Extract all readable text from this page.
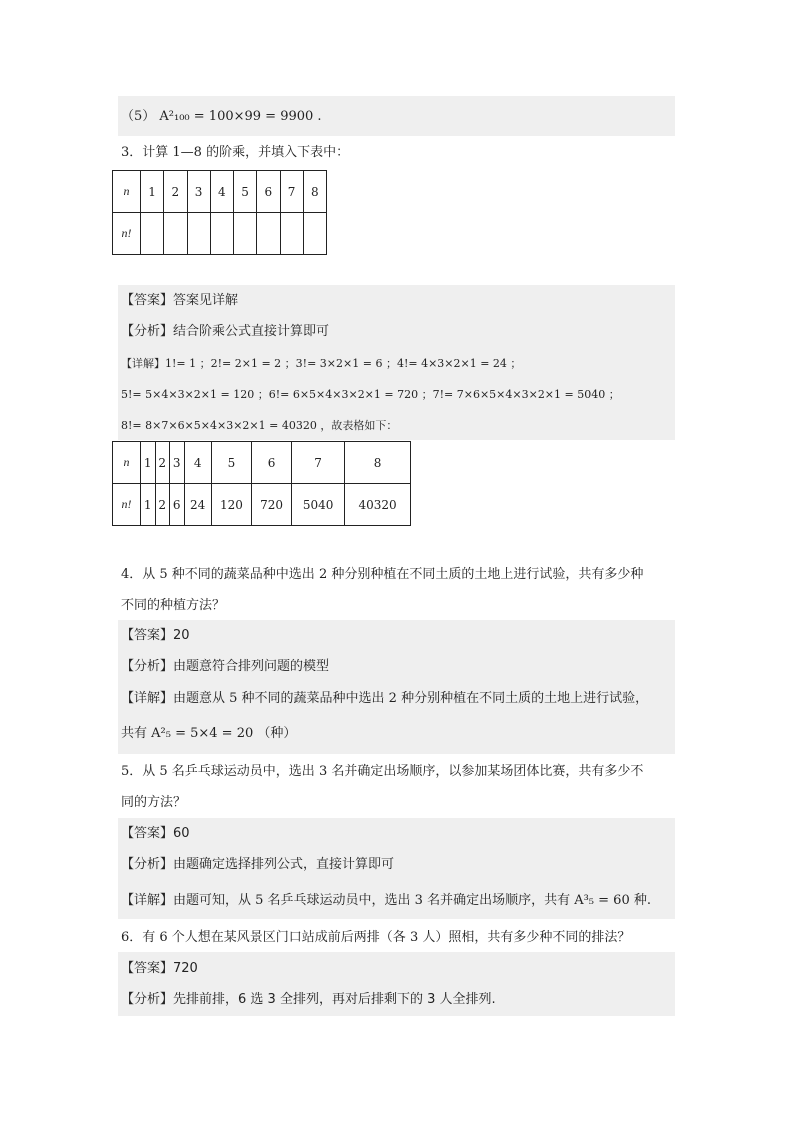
（5） A²₁₀₀ = 100×99 = 9900 .
3．计算 1—8 的阶乘，并填入下表中：
n	1	2	3	4	5	6	7	8
n!								
【答案】答案见详解
【分析】结合阶乘公式直接计算即可
【详解】1!= 1 ；2!= 2×1 = 2 ；3!= 3×2×1 = 6 ；4!= 4×3×2×1 = 24 ；
5!= 5×4×3×2×1 = 120 ；6!= 6×5×4×3×2×1 = 720 ；7!= 7×6×5×4×3×2×1 = 5040 ；
8!= 8×7×6×5×4×3×2×1 = 40320 ，故表格如下：
n	1	2	3	4	5	6	7	8
n!	1	2	6	24	120	720	5040	40320
4．从 5 种不同的蔬菜品种中选出 2 种分别种植在不同土质的土地上进行试验，共有多少种
不同的种植方法？
【答案】20
【分析】由题意符合排列问题的模型
【详解】由题意从 5 种不同的蔬菜品种中选出 2 种分别种植在不同土质的土地上进行试验，
共有 A²₅ = 5×4 = 20 （种）
5．从 5 名乒乓球运动员中，选出 3 名并确定出场顺序，以参加某场团体比赛，共有多少不
同的方法？
【答案】60
【分析】由题确定选择排列公式，直接计算即可
【详解】由题可知，从 5 名乒乓球运动员中，选出 3 名并确定出场顺序，共有 A³₅ = 60 种.
6．有 6 个人想在某风景区门口站成前后两排（各 3 人）照相，共有多少种不同的排法？
【答案】720
【分析】先排前排，6 选 3 全排列，再对后排剩下的 3 人全排列.
